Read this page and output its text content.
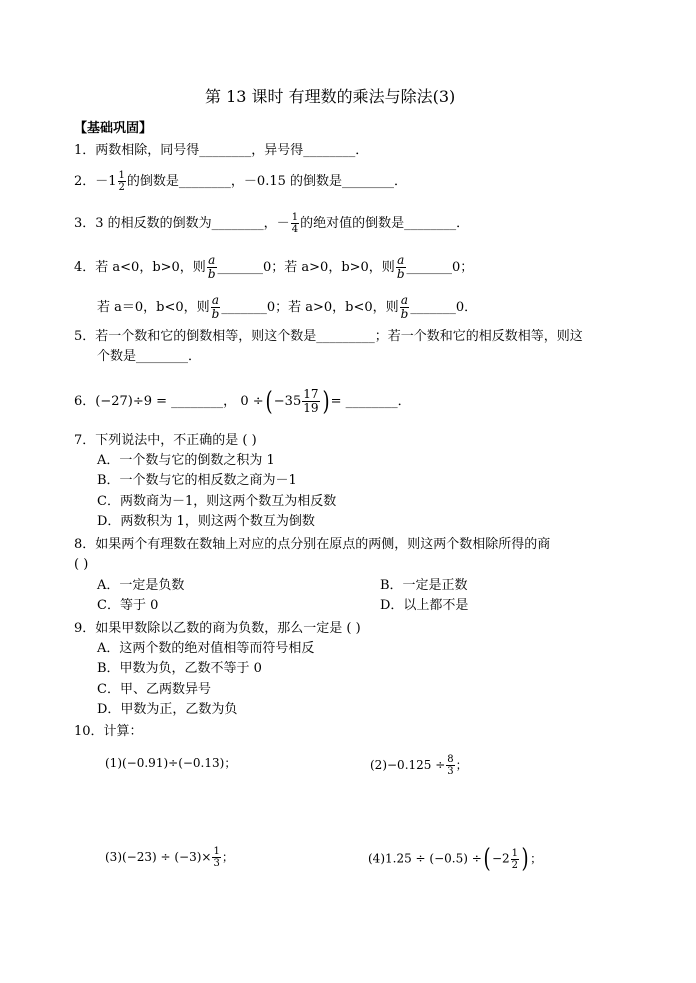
第 13 课时 有理数的乘法与除法(3)
【基础巩固】
1．两数相除，同号得________，异号得________．
2．$-1 \frac{1}{2}$ 的倒数是________，－0.15 的倒数是________．
3．3 的相反数的倒数为________，－ $\frac{1}{4}$ 的绝对值的倒数是________．
4．若 a<0，b>0，则 $\frac{a}{b}$ _______0；若 a>0，b>0，则 $\frac{a}{b}$ _______0；
若 a＝0，b<0，则 $\frac{a}{b}$ _______0；若 a>0，b<0，则 $\frac{a}{b}$ _______0．
5．若一个数和它的倒数相等，则这个数是_________；若一个数和它的相反数相等，则这
个数是________．
6．(−27)÷9 = ________， 0 ÷( $-35 \frac{17}{19}$ ) = ________．
7．下列说法中，不正确的是 ( )
A．一个数与它的倒数之积为 1
B．一个数与它的相反数之商为－1
C．两数商为－1，则这两个数互为相反数
D．两数积为 1，则这两个数互为倒数
8．如果两个有理数在数轴上对应的点分别在原点的两侧，则这两个数相除所得的商
( )
A．一定是负数	B．一定是正数
C．等于 0	D．以上都不是
9．如果甲数除以乙数的商为负数，那么一定是 ( )
A．这两个数的绝对值相等而符号相反
B．甲数为负，乙数不等于 0
C．甲、乙两数异号
D．甲数为正，乙数为负
10．计算：
(1)(−0.91)÷(−0.13)；	$(2)-0.125 \div \frac{8}{3}$ ；
$(3)(-23) \div (-3)\times \frac{1}{3}$ ；	(4)1.25 ÷ (−0.5) ÷( $-2 \frac{1}{2}$ ) ；
